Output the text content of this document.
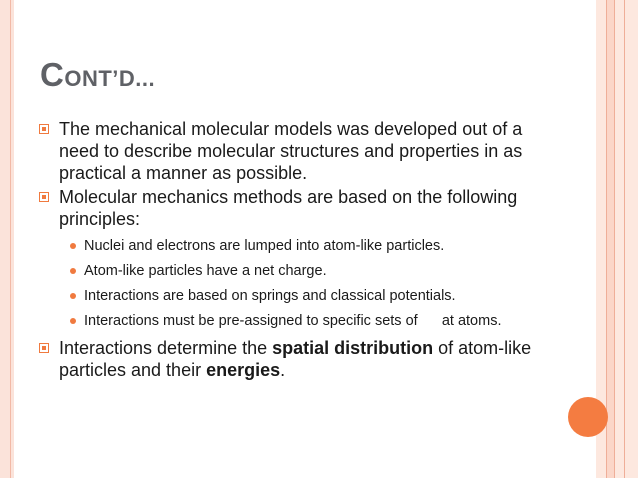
CONT’D...
The mechanical molecular models was developed out of a need to describe molecular structures and properties in as practical a manner as possible.
Molecular mechanics methods are based on the following principles:
Nuclei and electrons are lumped into atom-like particles.
Atom-like particles have a net charge.
Interactions are based on springs and classical potentials.
Interactions must be pre-assigned to specific sets of      at atoms.
Interactions determine the spatial distribution of atom-like particles and their energies.
